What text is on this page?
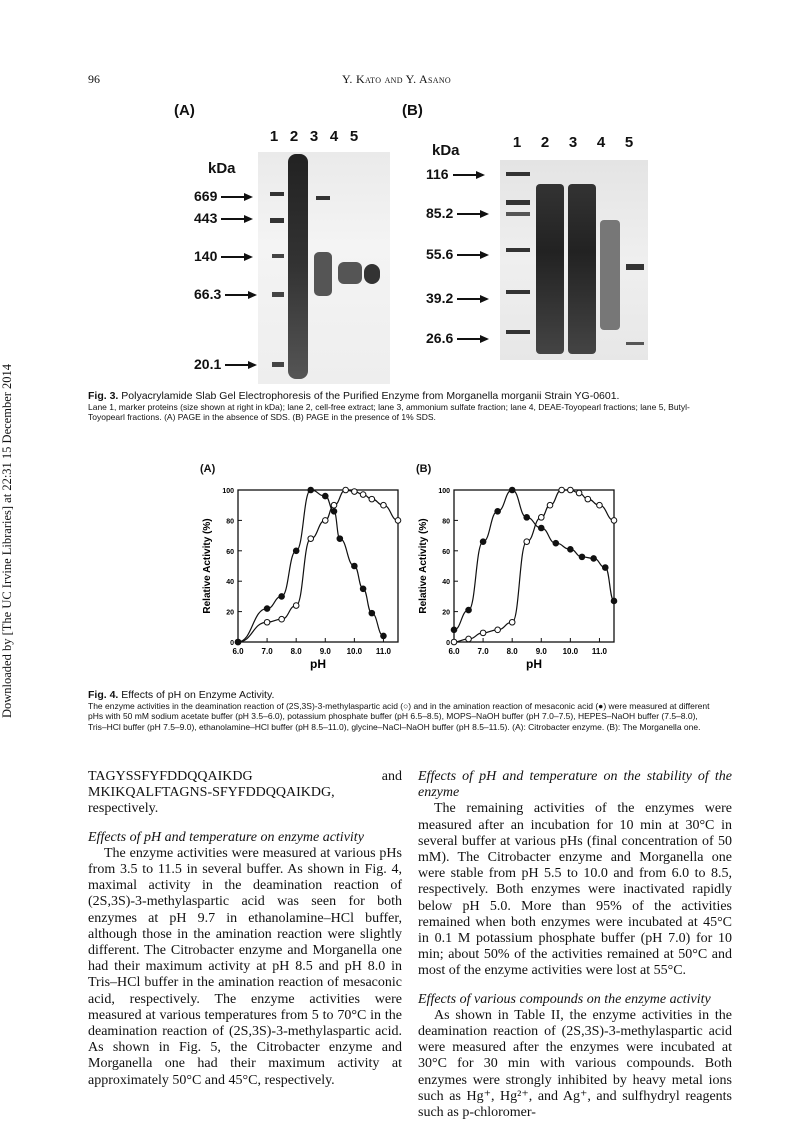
96	Y. Kato and Y. Asano
Downloaded by [The UC Irvine Libraries] at 22:31 15 December 2014
(A)
1 2 3 4 5
kDa
669
443
140
66.3
20.1
(B)
1 2 3 4 5
kDa
116
85.2
55.6
39.2
26.6
Fig. 3. Polyacrylamide Slab Gel Electrophoresis of the Purified Enzyme from Morganella morganii Strain YG-0601.
Lane 1, marker proteins (size shown at right in kDa); lane 2, cell-free extract; lane 3, ammonium sulfate fraction; lane 4, DEAE-Toyopearl fractions; lane 5, Butyl-Toyopearl fractions. (A) PAGE in the absence of SDS. (B) PAGE in the presence of 1% SDS.
(A)	(B)
6.0 7.0 8.0 9.0 10.0 11.0
0
20
40
60
80
100
pH
Relative Activity (%)
6.0 7.0 8.0 9.0 10.0 11.0
0
20
40
60
80
100
pH
Relative Activity (%)
Fig. 4. Effects of pH on Enzyme Activity.
The enzyme activities in the deamination reaction of (2S,3S)-3-methylaspartic acid (○) and in the amination reaction of mesaconic acid (●) were measured at different pHs with 50 mM sodium acetate buffer (pH 3.5–6.0), potassium phosphate buffer (pH 6.5–8.5), MOPS–NaOH buffer (pH 7.0–7.5), HEPES–NaOH buffer (7.5–8.0), Tris–HCl buffer (pH 7.5–9.0), ethanolamine–HCl buffer (pH 8.5–11.0), glycine–NaCl–NaOH buffer (pH 8.5–11.5). (A): Citrobacter enzyme. (B): The Morganella one.

TAGYSSFYFDDQQAIKDG and MKIKQALFTAGNS-SFYFDDQQAIKDG, respectively.

Effects of pH and temperature on enzyme activity

The enzyme activities were measured at various pHs from 3.5 to 11.5 in several buffer. As shown in Fig. 4, maximal activity in the deamination reaction of (2S,3S)-3-methylaspartic acid was seen for both enzymes at pH 9.7 in ethanolamine–HCl buffer, although those in the amination reaction were slightly different. The Citrobacter enzyme and Morganella one had their maximum activity at pH 8.5 and pH 8.0 in Tris–HCl buffer in the amination reaction of mesaconic acid, respectively. The enzyme activities were measured at various temperatures from 5 to 70°C in the deamination reaction of (2S,3S)-3-methylaspartic acid. As shown in Fig. 5, the Citrobacter enzyme and Morganella one had their maximum activity at approximately 50°C and 45°C, respectively.

Effects of pH and temperature on the stability of the enzyme

The remaining activities of the enzymes were measured after an incubation for 10 min at 30°C in several buffer at various pHs (final concentration of 50 mM). The Citrobacter enzyme and Morganella one were stable from pH 5.5 to 10.0 and from 6.0 to 8.5, respectively. Both enzymes were inactivated rapidly below pH 5.0. More than 95% of the activities remained when both enzymes were incubated at 45°C in 0.1 M potassium phosphate buffer (pH 7.0) for 10 min; about 50% of the activities remained at 50°C and most of the enzyme activities were lost at 55°C.

Effects of various compounds on the enzyme activity

As shown in Table II, the enzyme activities in the deamination reaction of (2S,3S)-3-methylaspartic acid were measured after the enzymes were incubated at 30°C for 30 min with various compounds. Both enzymes were strongly inhibited by heavy metal ions such as Hg⁺, Hg²⁺, and Ag⁺, and sulfhydryl reagents such as p-chloromer-
